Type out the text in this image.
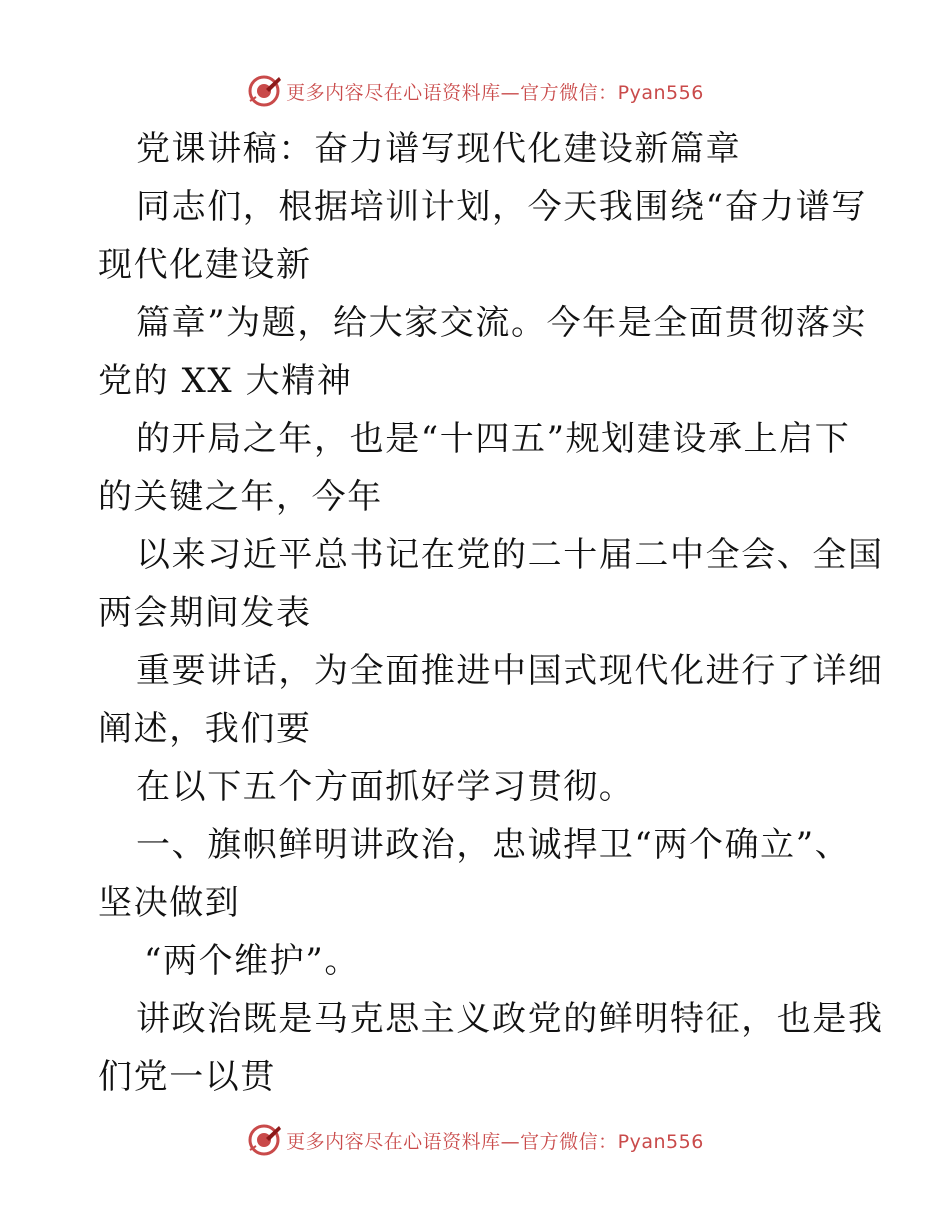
更多内容尽在心语资料库—官方微信：Pyan556
党课讲稿：奋力谱写现代化建设新篇章
同志们，根据培训计划，今天我围绕“奋力谱写
现代化建设新
篇章”为题，给大家交流。今年是全面贯彻落实
党的 XX 大精神
的开局之年，也是“十四五”规划建设承上启下
的关键之年，今年
以来习近平总书记在党的二十届二中全会、全国
两会期间发表
重要讲话，为全面推进中国式现代化进行了详细
阐述，我们要
在以下五个方面抓好学习贯彻。
一、旗帜鲜明讲政治，忠诚捍卫“两个确立”、
坚决做到
“两个维护”。
讲政治既是马克思主义政党的鲜明特征，也是我
们党一以贯
更多内容尽在心语资料库—官方微信：Pyan556
